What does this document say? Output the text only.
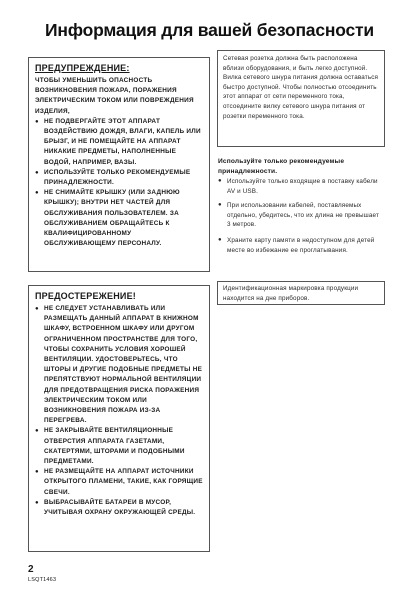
Информация для вашей безопасности
ПРЕДУПРЕЖДЕНИЕ:
ЧТОБЫ УМЕНЬШИТЬ ОПАСНОСТЬ ВОЗНИКНОВЕНИЯ ПОЖАРА, ПОРАЖЕНИЯ ЭЛЕКТРИЧЕСКИМ ТОКОМ ИЛИ ПОВРЕЖДЕНИЯ ИЗДЕЛИЯ,
● НЕ ПОДВЕРГАЙТЕ ЭТОТ АППАРАТ ВОЗДЕЙСТВИЮ ДОЖДЯ, ВЛАГИ, КАПЕЛЬ ИЛИ БРЫЗГ, И НЕ ПОМЕЩАЙТЕ НА АППАРАТ НИКАКИЕ ПРЕДМЕТЫ, НАПОЛНЕННЫЕ ВОДОЙ, НАПРИМЕР, ВАЗЫ.
● ИСПОЛЬЗУЙТЕ ТОЛЬКО РЕКОМЕНДУЕМЫЕ ПРИНАДЛЕЖНОСТИ.
● НЕ СНИМАЙТЕ КРЫШКУ (ИЛИ ЗАДНЮЮ КРЫШКУ); ВНУТРИ НЕТ ЧАСТЕЙ ДЛЯ ОБСЛУЖИВАНИЯ ПОЛЬЗОВАТЕЛЕМ. ЗА ОБСЛУЖИВАНИЕМ ОБРАЩАЙТЕСЬ К КВАЛИФИЦИРОВАННОМУ ОБСЛУЖИВАЮЩЕМУ ПЕРСОНАЛУ.
ПРЕДОСТЕРЕЖЕНИЕ!
● НЕ СЛЕДУЕТ УСТАНАВЛИВАТЬ ИЛИ РАЗМЕЩАТЬ ДАННЫЙ АППАРАТ В КНИЖНОМ ШКАФУ, ВСТРОЕННОМ ШКАФУ ИЛИ ДРУГОМ ОГРАНИЧЕННОМ ПРОСТРАНСТВЕ ДЛЯ ТОГО, ЧТОБЫ СОХРАНИТЬ УСЛОВИЯ ХОРОШЕЙ ВЕНТИЛЯЦИИ. УДОСТОВЕРЬТЕСЬ, ЧТО ШТОРЫ И ДРУГИЕ ПОДОБНЫЕ ПРЕДМЕТЫ НЕ ПРЕПЯТСТВУЮТ НОРМАЛЬНОЙ ВЕНТИЛЯЦИИ ДЛЯ ПРЕДОТВРАЩЕНИЯ РИСКА ПОРАЖЕНИЯ ЭЛЕКТРИЧЕСКИМ ТОКОМ ИЛИ ВОЗНИКНОВЕНИЯ ПОЖАРА ИЗ-ЗА ПЕРЕГРЕВА.
● НЕ ЗАКРЫВАЙТЕ ВЕНТИЛЯЦИОННЫЕ ОТВЕРСТИЯ АППАРАТА ГАЗЕТАМИ, СКАТЕРТЯМИ, ШТОРАМИ И ПОДОБНЫМИ ПРЕДМЕТАМИ.
● НЕ РАЗМЕЩАЙТЕ НА АППАРАТ ИСТОЧНИКИ ОТКРЫТОГО ПЛАМЕНИ, ТАКИЕ, КАК ГОРЯЩИЕ СВЕЧИ.
● ВЫБРАСЫВАЙТЕ БАТАРЕИ В МУСОР, УЧИТЫВАЯ ОХРАНУ ОКРУЖАЮЩЕЙ СРЕДЫ.
Сетевая розетка должна быть расположена вблизи оборудования, и быть легко доступной. Вилка сетевого шнура питания должна оставаться быстро доступной. Чтобы полностью отсоединить этот аппарат от сети переменного тока, отсоедините вилку сетевого шнура питания от розетки переменного тока.
Используйте только рекомендуемые принадлежности.
● Используйте только входящие в поставку кабели AV и USB.
● При использовании кабелей, поставляемых отдельно, убедитесь, что их длина не превышает 3 метров.
● Храните карту памяти в недоступном для детей месте во избежание ее проглатывания.
Идентификационная маркировка продукции находится на дне приборов.
2
LSQT1463
